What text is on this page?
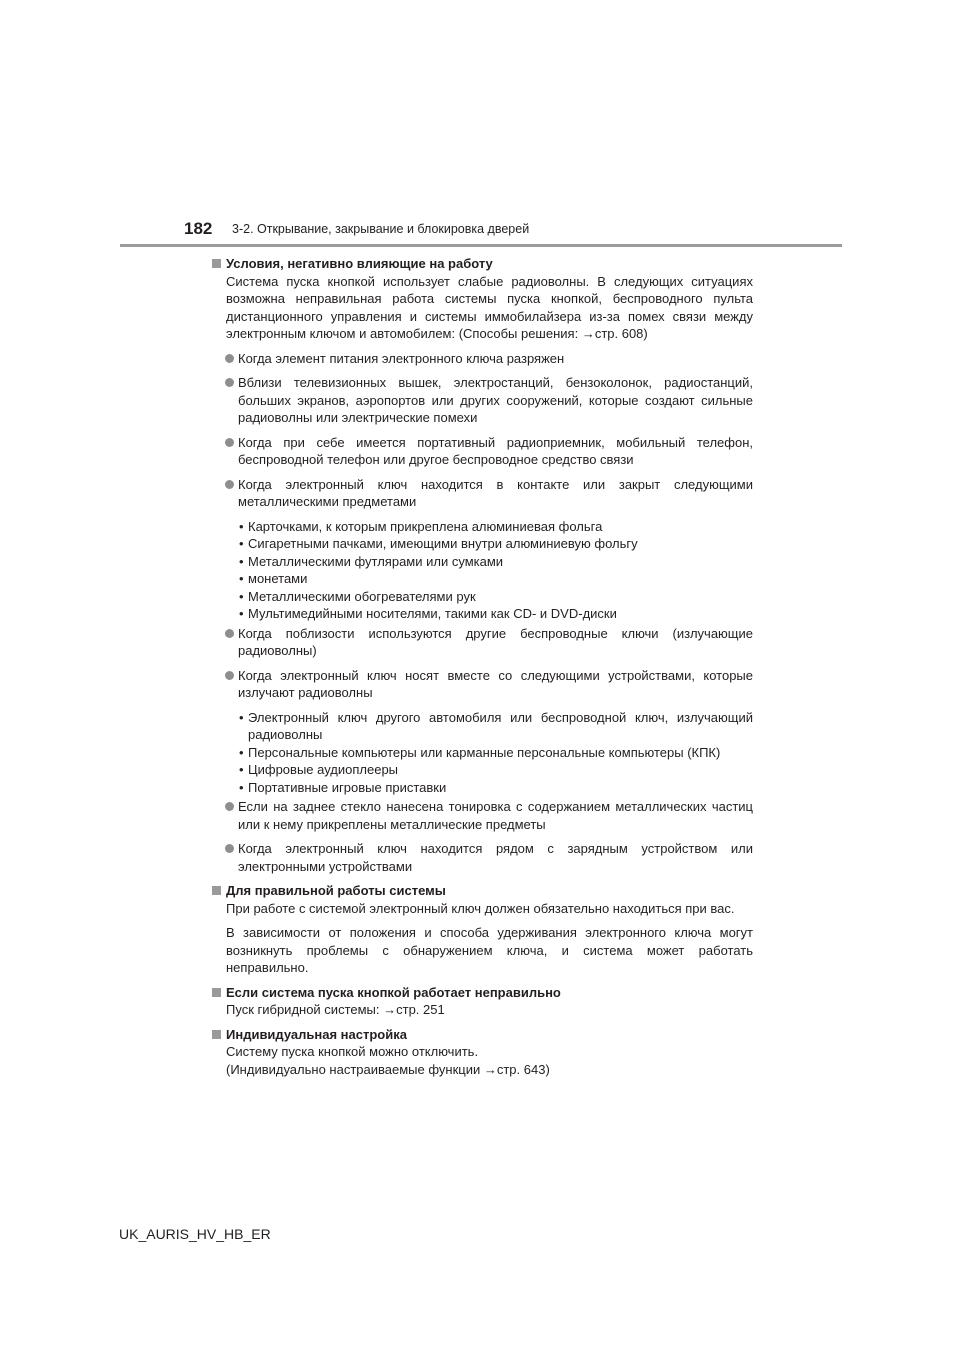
182 3-2. Открывание, закрывание и блокировка дверей
Условия, негативно влияющие на работу
Система пуска кнопкой использует слабые радиоволны. В следующих ситуациях возможна неправильная работа системы пуска кнопкой, беспроводного пульта дистанционного управления и системы иммобилайзера из-за помех связи между электронным ключом и автомобилем: (Способы решения: →стр. 608)
Когда элемент питания электронного ключа разряжен
Вблизи телевизионных вышек, электростанций, бензоколонок, радиостанций, больших экранов, аэропортов или других сооружений, которые создают сильные радиоволны или электрические помехи
Когда при себе имеется портативный радиоприемник, мобильный телефон, беспроводной телефон или другое беспроводное средство связи
Когда электронный ключ находится в контакте или закрыт следующими металлическими предметами
• Карточками, к которым прикреплена алюминиевая фольга
• Сигаретными пачками, имеющими внутри алюминиевую фольгу
• Металлическими футлярами или сумками
• монетами
• Металлическими обогревателями рук
• Мультимедийными носителями, такими как CD- и DVD-диски
Когда поблизости используются другие беспроводные ключи (излучающие радиоволны)
Когда электронный ключ носят вместе со следующими устройствами, которые излучают радиоволны
• Электронный ключ другого автомобиля или беспроводной ключ, излучающий радиоволны
• Персональные компьютеры или карманные персональные компьютеры (КПК)
• Цифровые аудиоплееры
• Портативные игровые приставки
Если на заднее стекло нанесена тонировка с содержанием металлических частиц или к нему прикреплены металлические предметы
Когда электронный ключ находится рядом с зарядным устройством или электронными устройствами
Для правильной работы системы
При работе с системой электронный ключ должен обязательно находиться при вас.
В зависимости от положения и способа удерживания электронного ключа могут возникнуть проблемы с обнаружением ключа, и система может работать неправильно.
Если система пуска кнопкой работает неправильно
Пуск гибридной системы: →стр. 251
Индивидуальная настройка
Систему пуска кнопкой можно отключить.
(Индивидуально настраиваемые функции →стр. 643)
UK_AURIS_HV_HB_ER
